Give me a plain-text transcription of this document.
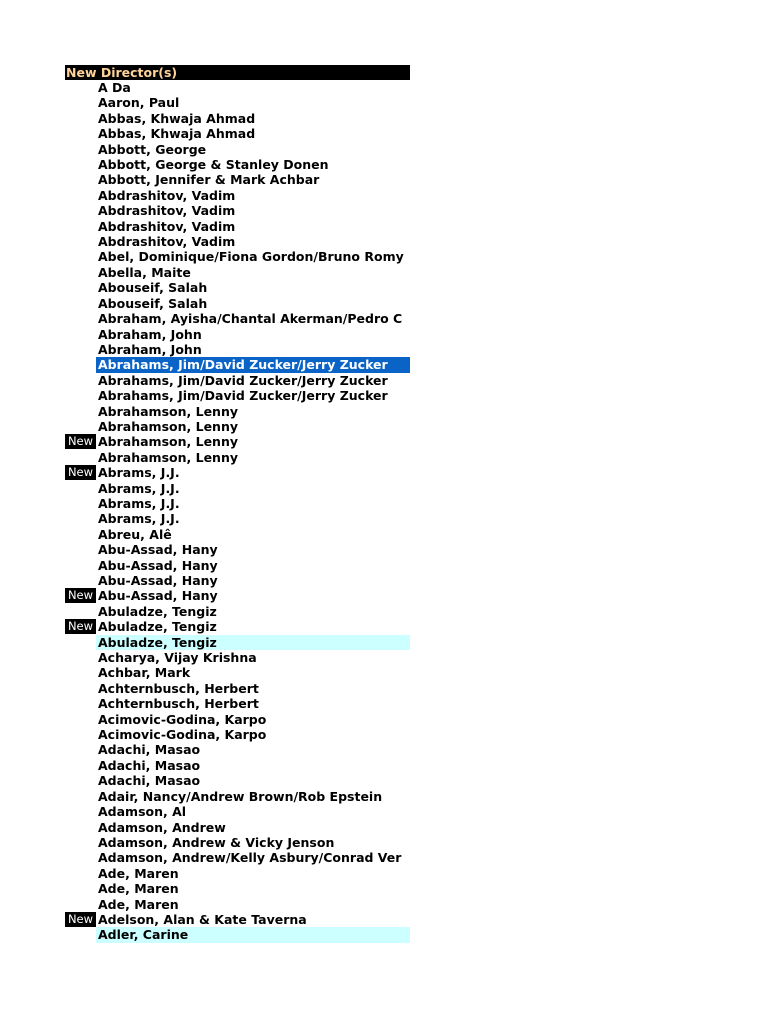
New Director(s)
A Da
Aaron, Paul
Abbas, Khwaja Ahmad
Abbas, Khwaja Ahmad
Abbott, George
Abbott, George & Stanley Donen
Abbott, Jennifer & Mark Achbar
Abdrashitov, Vadim
Abdrashitov, Vadim
Abdrashitov, Vadim
Abdrashitov, Vadim
Abel, Dominique/Fiona Gordon/Bruno Romy
Abella, Maite
Abouseif, Salah
Abouseif, Salah
Abraham, Ayisha/Chantal Akerman/Pedro C
Abraham, John
Abraham, John
Abrahams, Jim/David Zucker/Jerry Zucker
Abrahams, Jim/David Zucker/Jerry Zucker
Abrahams, Jim/David Zucker/Jerry Zucker
Abrahamson, Lenny
Abrahamson, Lenny
New Abrahamson, Lenny
Abrahamson, Lenny
New Abrams, J.J.
Abrams, J.J.
Abrams, J.J.
Abrams, J.J.
Abreu, Alê
Abu-Assad, Hany
Abu-Assad, Hany
Abu-Assad, Hany
New Abu-Assad, Hany
Abuladze, Tengiz
New Abuladze, Tengiz
Abuladze, Tengiz
Acharya, Vijay Krishna
Achbar, Mark
Achternbusch, Herbert
Achternbusch, Herbert
Acimovic-Godina, Karpo
Acimovic-Godina, Karpo
Adachi, Masao
Adachi, Masao
Adachi, Masao
Adair, Nancy/Andrew Brown/Rob Epstein
Adamson, Al
Adamson, Andrew
Adamson, Andrew & Vicky Jenson
Adamson, Andrew/Kelly Asbury/Conrad Ver
Ade, Maren
Ade, Maren
Ade, Maren
New Adelson, Alan & Kate Taverna
Adler, Carine
